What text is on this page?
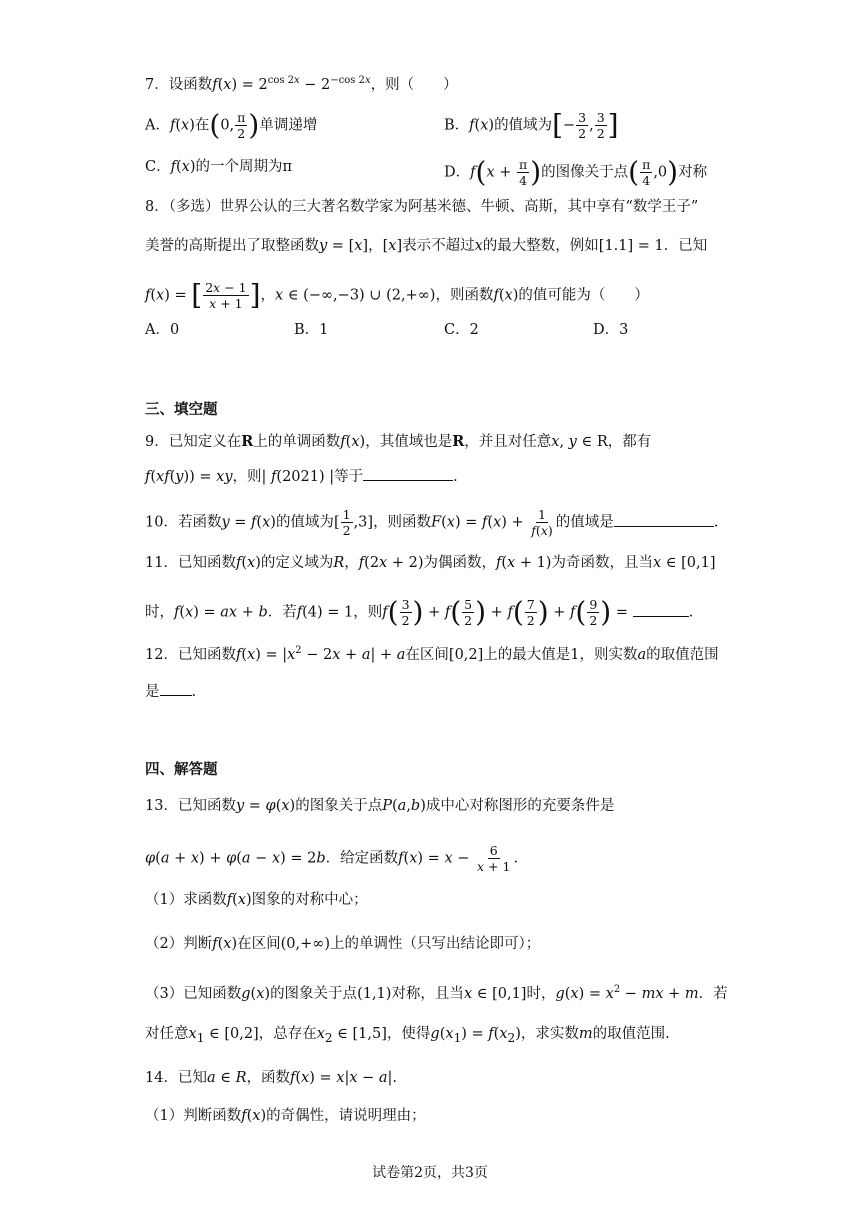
7．设函数$f(x) = 2^{cos 2x} - 2^{-cos 2x}$，则（　　）
A．f(x)在(0, $\frac{\pi}{2}$ )单调递增	B．f(x)的值域为[− $\frac{3}{2}$ , $\frac{3}{2}$ ]
C．f(x)的一个周期为π	D．$f(x + \frac{\pi}{4}$ )的图像关于点( $\frac{\pi}{4} ,0$)对称
8．（多选）世界公认的三大著名数学家为阿基米德、牛顿、高斯，其中享有“数学王子”
美誉的高斯提出了取整函数y = [x]，[x]表示不超过x的最大整数，例如[1.1] = 1．已知
f(x) = [ $\frac{2x - 1}{x + 1}$ ]，x ∈ (−∞,−3) ∪ (2,+∞)，则函数f(x)的值可能为（　　）
A．0	B．1	C．2	D．3
三、填空题
9．已知定义在R上的单调函数f(x)，其值域也是R，并且对任意x, y ∈ R，都有
f(xf(y)) = xy，则| f(2021) |等于	.
10．若函数y = f(x)的值域为[ $\frac{1}{2} ,3$]，则函数$F(x) = f(x) + \frac{1}{f(x)}$ 的值域是	.
11．已知函数f(x)的定义域为R，f(2x + 2)为偶函数，f(x + 1)为奇函数，且当x ∈ [0,1]
时，f(x) = ax + b．若f(4) = 1，则$f( \frac{3}{2}$ ) + $f( \frac{5}{2}$ ) + $f( \frac{7}{2}$ ) + $f( \frac{9}{2}$ ) =	.
12．已知函数$f(x) = |x^2 - 2x + a| + a$在区间[0,2]上的最大值是1，则实数a的取值范围
是 .
四、解答题
13．已知函数y = φ(x)的图象关于点P(a,b)成中心对称图形的充要条件是
φ(a + x) + φ(a − x) = 2b．给定函数$f(x) = x - \frac{6}{x + 1}$ .
（1）求函数f(x)图象的对称中心；
（2）判断f(x)在区间(0,+∞)上的单调性（只写出结论即可）；
（3）已知函数g(x)的图象关于点(1,1)对称，且当x ∈ [0,1]时，$g(x) = x^2$ − mx + m．若
对任意$x_1$ ∈ [0,2]，总存在$x_2$ ∈ [1,5]，使得$g(x_1) = f(x_2)$，求实数m的取值范围.
14．已知a ∈ R，函数f(x) = x|x − a|.
（1）判断函数f(x)的奇偶性，请说明理由；
试卷第2页，共3页
